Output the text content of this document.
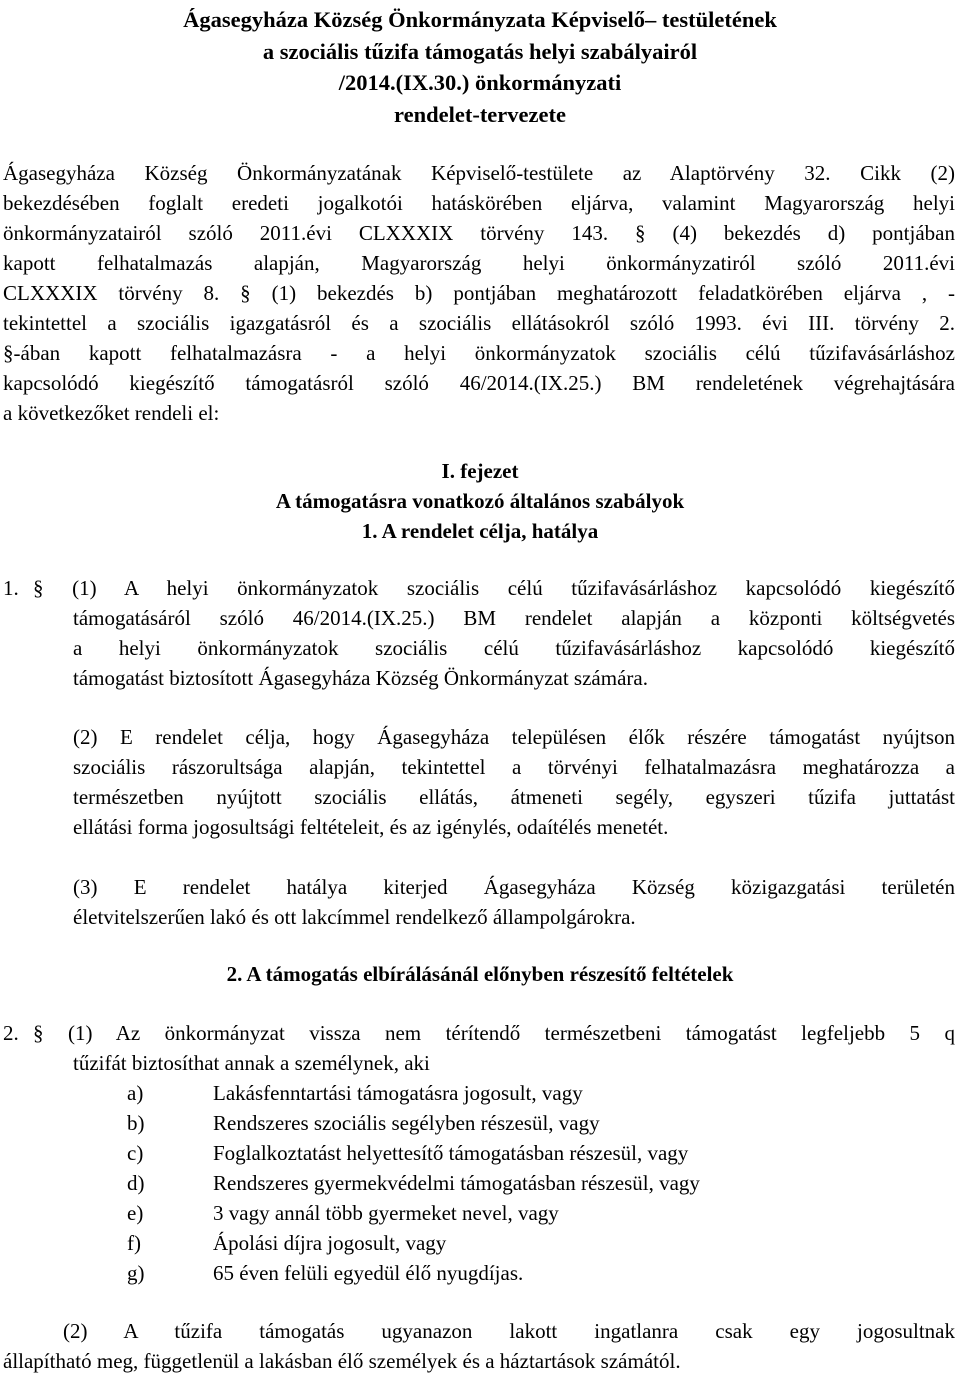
Ágasegyháza Község Önkormányzata Képviselő– testületének
a szociális tűzifa támogatás helyi szabályairól
/2014.(IX.30.) önkormányzati
rendelet-tervezete
Ágasegyháza Község Önkormányzatának Képviselő-testülete az Alaptörvény 32. Cikk (2)
bekezdésében foglalt eredeti jogalkotói hatáskörében eljárva, valamint Magyarország helyi
önkormányzatairól szóló 2011.évi CLXXXIX törvény 143. § (4) bekezdés d) pontjában
kapott felhatalmazás alapján, Magyarország helyi önkormányzatiról szóló 2011.évi
CLXXXIX törvény 8. § (1) bekezdés b) pontjában meghatározott feladatkörében eljárva , -
tekintettel a szociális igazgatásról és a szociális ellátásokról szóló 1993. évi III. törvény 2.
§-ában kapott felhatalmazásra - a helyi önkormányzatok szociális célú tűzifavásárláshoz
kapcsolódó kiegészítő támogatásról szóló 46/2014.(IX.25.) BM rendeletének végrehajtására
a következőket rendeli el:
I. fejezet
A támogatásra vonatkozó általános szabályok
1. A rendelet célja, hatálya
1. § (1) A helyi önkormányzatok szociális célú tűzifavásárláshoz kapcsolódó kiegészítő
támogatásáról szóló 46/2014.(IX.25.) BM rendelet alapján a központi költségvetés
a helyi önkormányzatok szociális célú tűzifavásárláshoz kapcsolódó kiegészítő
támogatást biztosított Ágasegyháza Község Önkormányzat számára.
(2) E rendelet célja, hogy Ágasegyháza településen élők részére támogatást nyújtson
szociális rászorultsága alapján, tekintettel a törvényi felhatalmazásra meghatározza a
természetben nyújtott szociális ellátás, átmeneti segély, egyszeri tűzifa juttatást
ellátási forma jogosultsági feltételeit, és az igénylés, odaítélés menetét.
(3) E rendelet hatálya kiterjed Ágasegyháza Község közigazgatási területén
életvitelszerűen lakó és ott lakcímmel rendelkező állampolgárokra.
2. A támogatás elbírálásánál előnyben részesítő feltételek
2. § (1) Az önkormányzat vissza nem térítendő természetbeni támogatást legfeljebb 5 q
tűzifát biztosíthat annak a személynek, aki
a)	Lakásfenntartási támogatásra jogosult, vagy
b)	Rendszeres szociális segélyben részesül, vagy
c)	Foglalkoztatást helyettesítő támogatásban részesül, vagy
d)	Rendszeres gyermekvédelmi támogatásban részesül, vagy
e)	3 vagy annál több gyermeket nevel, vagy
f)	Ápolási díjra jogosult, vagy
g)	65 éven felüli egyedül élő nyugdíjas.
(2) A tűzifa támogatás ugyanazon lakott ingatlanra csak egy jogosultnak
állapítható meg, függetlenül a lakásban élő személyek és a háztartások számától.
